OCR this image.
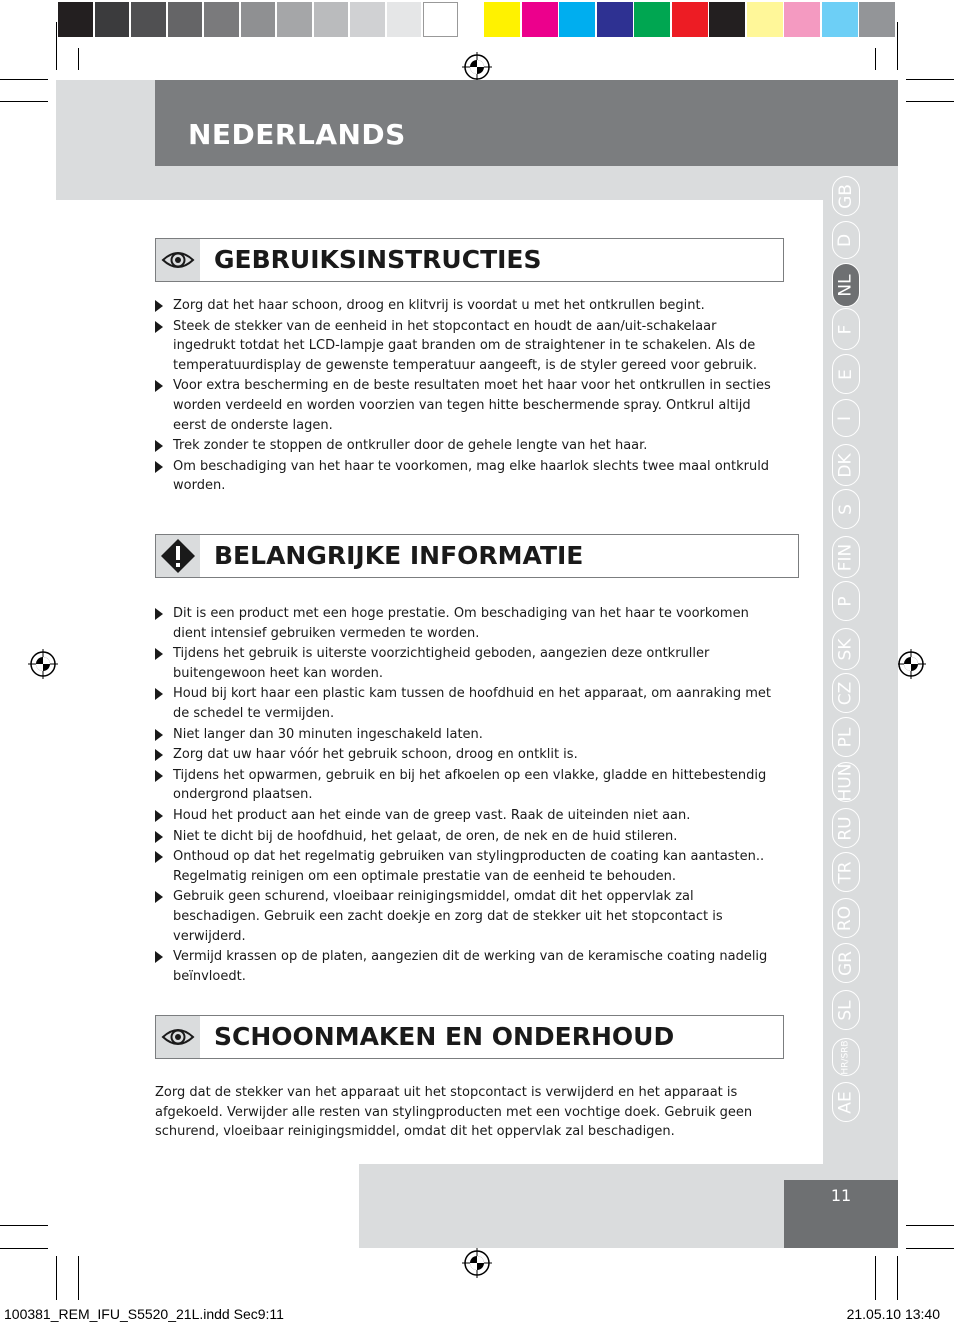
NEDERLANDS
GB
D
NL
F
E
I
DK
S
FIN
P
SK
CZ
PL
HUN
RU
TR
RO
GR
SL
HR/SRB
AE
GEBRUIKSINSTRUCTIES
Zorg dat het haar schoon, droog en klitvrij is voordat u met het ontkrullen begint.
Steek de stekker van de eenheid in het stopcontact en houdt de aan/uit-schakelaar ingedrukt totdat het LCD-lampje gaat branden om de straightener in te schakelen. Als de temperatuurdisplay de gewenste temperatuur aangeeft, is de styler gereed voor gebruik.
Voor extra bescherming en de beste resultaten moet het haar voor het ontkrullen in secties worden verdeeld en worden voorzien van tegen hitte beschermende spray. Ontkrul altijd eerst de onderste lagen.
Trek zonder te stoppen de ontkruller door de gehele lengte van het haar.
Om beschadiging van het haar te voorkomen, mag elke haarlok slechts twee maal ontkruld worden.
BELANGRIJKE INFORMATIE
Dit is een product met een hoge prestatie. Om beschadiging van het haar te voorkomen dient intensief gebruiken vermeden te worden.
Tijdens het gebruik is uiterste voorzichtigheid geboden, aangezien deze ontkruller buitengewoon heet kan worden.
Houd bij kort haar een plastic kam tussen de hoofdhuid en het apparaat, om aanraking met de schedel te vermijden.
Niet langer dan 30 minuten ingeschakeld laten.
Zorg dat uw haar vóór het gebruik schoon, droog en ontklit is.
Tijdens het opwarmen, gebruik en bij het afkoelen op een vlakke, gladde en hittebestendig ondergrond plaatsen.
Houd het product aan het einde van de greep vast. Raak de uiteinden niet aan.
Niet te dicht bij de hoofdhuid, het gelaat, de oren, de nek en de huid stileren.
Onthoud op dat het regelmatig gebruiken van stylingproducten de coating kan aantasten.. Regelmatig reinigen om een optimale prestatie van de eenheid te behouden.
Gebruik geen schurend, vloeibaar reinigingsmiddel, omdat dit het oppervlak zal beschadigen. Gebruik een zacht doekje en zorg dat de stekker uit het stopcontact is verwijderd.
Vermijd krassen op de platen, aangezien dit de werking van de keramische coating nadelig beïnvloedt.
SCHOONMAKEN EN ONDERHOUD

Zorg dat de stekker van het apparaat uit het stopcontact is verwijderd en het apparaat is afgekoeld. Verwijder alle resten van stylingproducten met een vochtige doek. Gebruik geen schurend, vloeibaar reinigingsmiddel, omdat dit het oppervlak zal beschadigen.

11
100381_REM_IFU_S5520_21L.indd Sec9:11	21.05.10 13:40
